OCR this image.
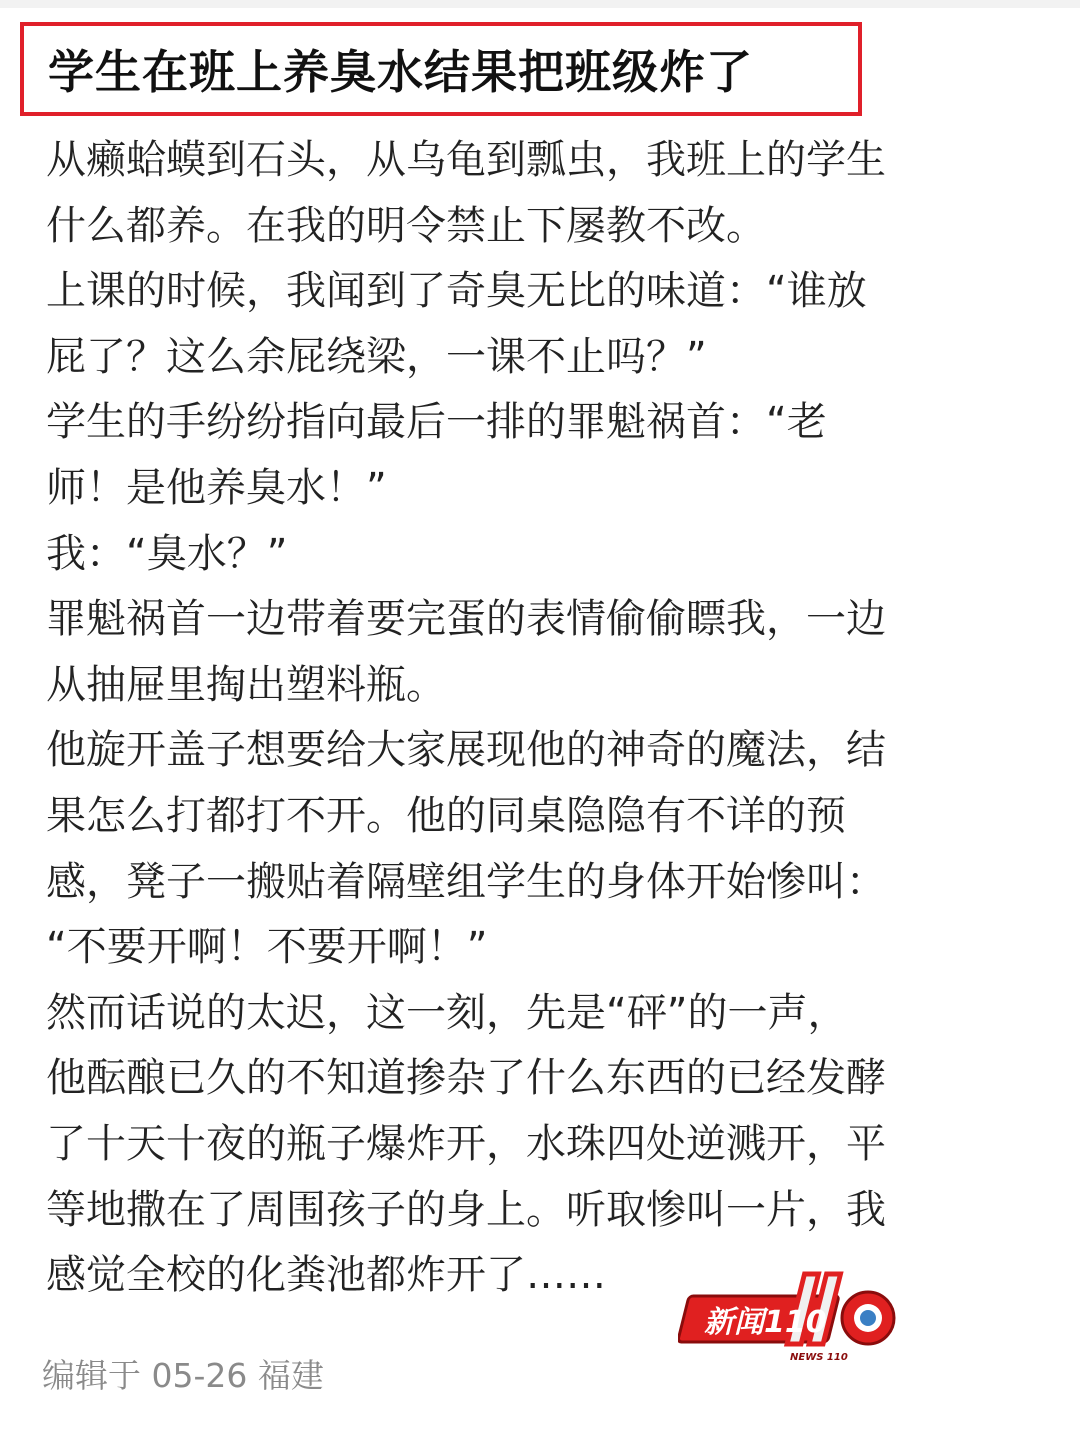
学生在班上养臭水结果把班级炸了
从癞蛤蟆到石头，从乌龟到瓢虫，我班上的学生
什么都养。在我的明令禁止下屡教不改。
上课的时候，我闻到了奇臭无比的味道：“谁放
屁了？这么余屁绕梁，一课不止吗？”
学生的手纷纷指向最后一排的罪魁祸首：“老
师！是他养臭水！”
我：“臭水？”
罪魁祸首一边带着要完蛋的表情偷偷瞟我，一边
从抽屉里掏出塑料瓶。
他旋开盖子想要给大家展现他的神奇的魔法，结
果怎么打都打不开。他的同桌隐隐有不详的预
感，凳子一搬贴着隔壁组学生的身体开始惨叫：
“不要开啊！不要开啊！”
然而话说的太迟，这一刻，先是“砰”的一声，
他酝酿已久的不知道掺杂了什么东西的已经发酵
了十天十夜的瓶子爆炸开，水珠四处逆溅开，平
等地撒在了周围孩子的身上。听取惨叫一片，我
感觉全校的化粪池都炸开了……
编辑于 05-26 福建
新闻110
NEWS 110
